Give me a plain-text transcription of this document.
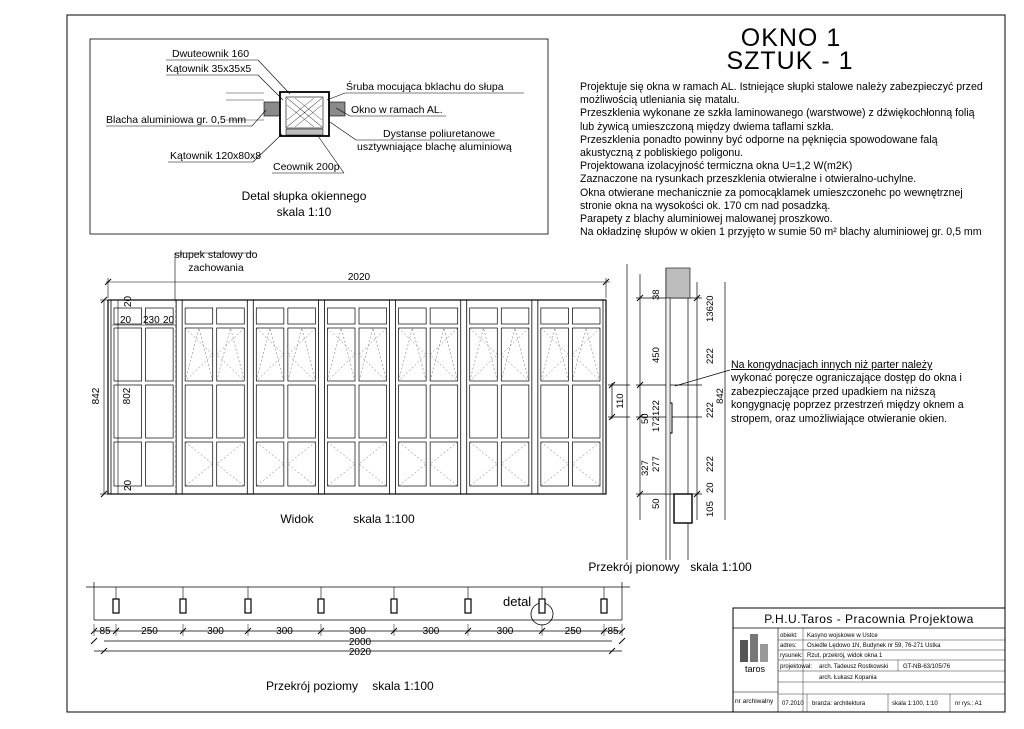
Dwuteownik 160
Kątownik 35x35x5
Blacha aluminiowa gr. 0,5 mm
Kątownik 120x80x8
Ceownik 200p
Śruba mocująca bklachu do słupa
Okno w ramach AL.
Dystanse poliuretanowe
usztywniające blachę aluminiową
Detal słupka okiennego
skala 1:10
słupek stalowy do
zachowania
2020
20
20 230 20
842 802
20
Widok	skala 1:100
38
450
110
50
122
172
327 277
50
20
136
222
842
222
222
20
105
Przekrój pionowy skala 1:100
85	250	300	300	300	300	300	250	85
detal
2000
2020
Przekrój poziomy skala 1:100
taros
P.H.U.Taros - Pracownia Projektowa
nr archiwalny
obiekt: Kasyno wojskowe w Ustce
adres: Osiedle Lędowo 1N, Budynek nr 59, 76-271 Ustka
rysunek: Rzut, przekrój, widok okna 1
projektował: arch. Tadeusz Rostkowski GT-NB-63/105/76
arch. Łukasz Kopania
07.2010 branża: architektura	skala 1:100, 1:10	nr rys.: A1
OKNO 1
SZTUK - 1
Projektuje się okna w ramach AL. Istniejące słupki stalowe należy zabezpieczyć przed
możliwością utleniania się matalu.
Przeszklenia wykonane ze szkła laminowanego (warstwowe) z dźwiękochłonną folią
lub żywicą umieszczoną między dwiema taflami szkła.
Przeszklenia ponadto powinny być odporne na pęknięcia spowodowane falą
akustyczną z pobliskiego poligonu.
Projektowana izolacyjność termiczna okna U=1,2 W(m2K)
Zaznaczone na rysunkach przeszklenia otwieralne i otwieralno-uchylne.
Okna otwierane mechanicznie za pomocąklamek umieszczonehc po wewnętrznej
stronie okna na wysokości ok. 170 cm nad posadzką.
Parapety z blachy aluminiowej malowanej proszkowo.
Na okładzinę słupów w okien 1 przyjęto w sumie 50 m² blachy aluminiowej gr. 0,5 mm
Na kongydnacjach innych niż parter należy
wykonać poręcze ograniczające dostęp do okna i
zabezpieczające przed upadkiem na niższą
kongygnację poprzez przestrzeń między oknem a
stropem, oraz umożliwiające otwieranie okien.
